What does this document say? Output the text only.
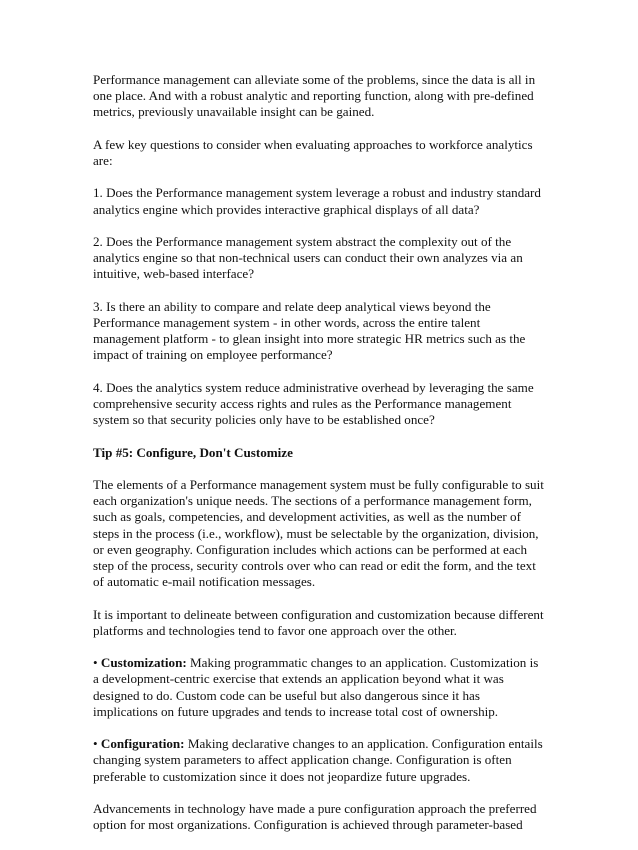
Performance management can alleviate some of the problems, since the data is all in one place. And with a robust analytic and reporting function, along with pre-defined metrics, previously unavailable insight can be gained.

A few key questions to consider when evaluating approaches to workforce analytics are:

1. Does the Performance management system leverage a robust and industry standard analytics engine which provides interactive graphical displays of all data?

2. Does the Performance management system abstract the complexity out of the analytics engine so that non-technical users can conduct their own analyzes via an intuitive, web-based interface?

3. Is there an ability to compare and relate deep analytical views beyond the Performance management system - in other words, across the entire talent management platform - to glean insight into more strategic HR metrics such as the impact of training on employee performance?

4. Does the analytics system reduce administrative overhead by leveraging the same comprehensive security access rights and rules as the Performance management system so that security policies only have to be established once?

Tip #5: Configure, Don't Customize

The elements of a Performance management system must be fully configurable to suit each organization's unique needs. The sections of a performance management form, such as goals, competencies, and development activities, as well as the number of steps in the process (i.e., workflow), must be selectable by the organization, division, or even geography. Configuration includes which actions can be performed at each step of the process, security controls over who can read or edit the form, and the text of automatic e-mail notification messages.

It is important to delineate between configuration and customization because different platforms and technologies tend to favor one approach over the other.

• Customization: Making programmatic changes to an application. Customization is a development-centric exercise that extends an application beyond what it was designed to do. Custom code can be useful but also dangerous since it has implications on future upgrades and tends to increase total cost of ownership.

• Configuration: Making declarative changes to an application. Configuration entails changing system parameters to affect application change. Configuration is often preferable to customization since it does not jeopardize future upgrades.

Advancements in technology have made a pure configuration approach the preferred option for most organizations. Configuration is achieved through parameter-based
